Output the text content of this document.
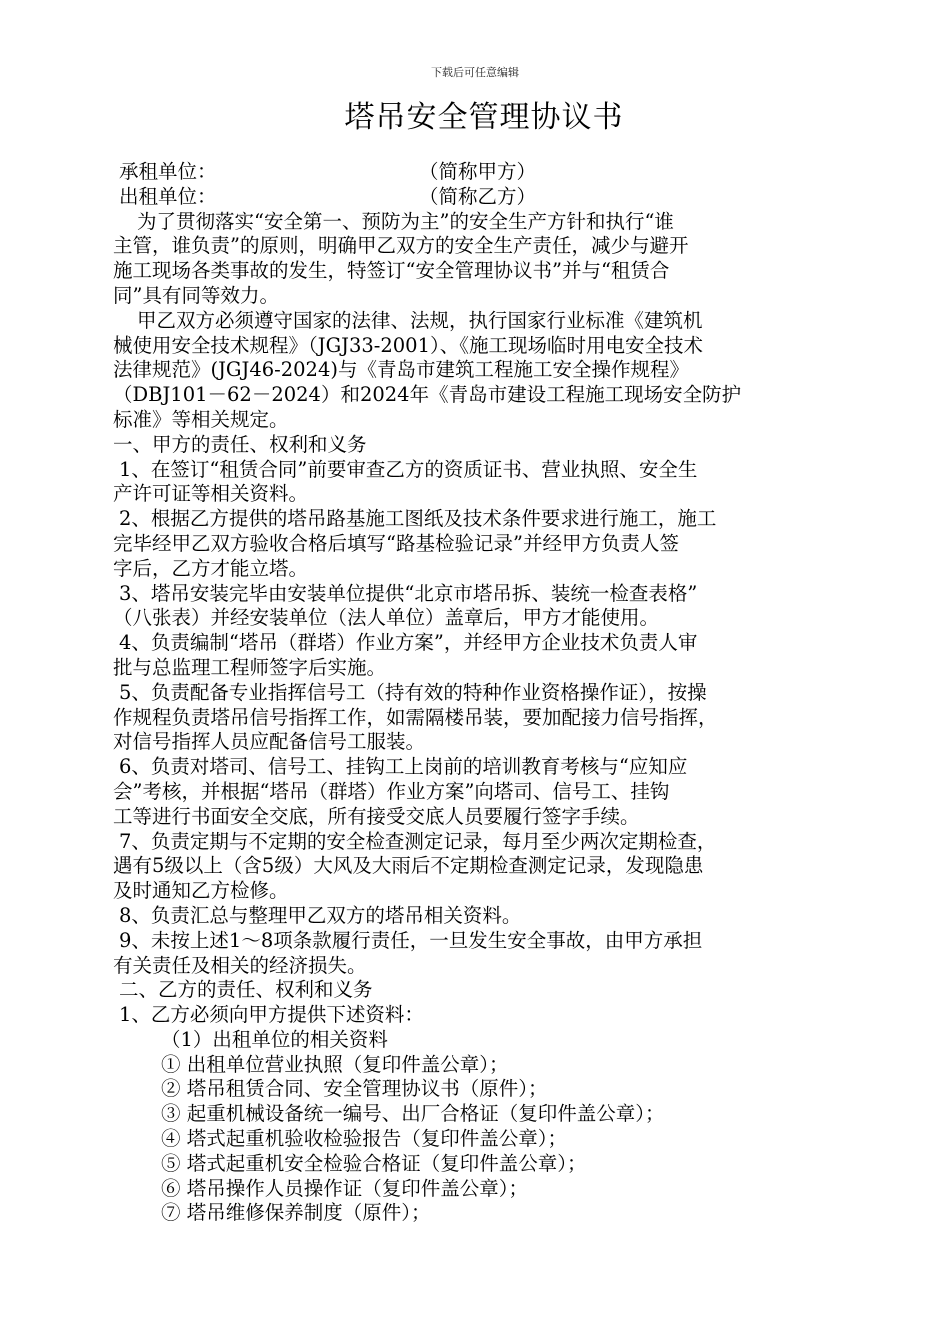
下载后可任意编辑
塔吊安全管理协议书
承租单位：	（简称甲方）
出租单位：	（简称乙方）
为了贯彻落实“安全第一、预防为主”的安全生产方针和执行“谁
主管，谁负责”的原则，明确甲乙双方的安全生产责任，减少与避开
施工现场各类事故的发生，特签订“安全管理协议书”并与“租赁合
同”具有同等效力。
甲乙双方必须遵守国家的法律、法规，执行国家行业标准《建筑机
械使用安全技术规程》（JGJ33-2001）、《施工现场临时用电安全技术
法律规范》(JGJ46-2024)与《青岛市建筑工程施工安全操作规程》
（DBJ101－62－2024）和2024年《青岛市建设工程施工现场安全防护
标准》等相关规定。
一、甲方的责任、权利和义务
1、在签订“租赁合同”前要审查乙方的资质证书、营业执照、安全生
产许可证等相关资料。
2、根据乙方提供的塔吊路基施工图纸及技术条件要求进行施工，施工
完毕经甲乙双方验收合格后填写“路基检验记录”并经甲方负责人签
字后，乙方才能立塔。
3、塔吊安装完毕由安装单位提供“北京市塔吊拆、装统一检查表格”
（八张表）并经安装单位（法人单位）盖章后，甲方才能使用。
4、负责编制“塔吊（群塔）作业方案”，并经甲方企业技术负责人审
批与总监理工程师签字后实施。
5、负责配备专业指挥信号工（持有效的特种作业资格操作证），按操
作规程负责塔吊信号指挥工作，如需隔楼吊装，要加配接力信号指挥，
对信号指挥人员应配备信号工服装。
6、负责对塔司、信号工、挂钩工上岗前的培训教育考核与“应知应
会”考核，并根据“塔吊（群塔）作业方案”向塔司、信号工、挂钩
工等进行书面安全交底，所有接受交底人员要履行签字手续。
7、负责定期与不定期的安全检查测定记录，每月至少两次定期检查，
遇有5级以上（含5级）大风及大雨后不定期检查测定记录，发现隐患
及时通知乙方检修。
8、负责汇总与整理甲乙双方的塔吊相关资料。
9、未按上述1～8项条款履行责任，一旦发生安全事故，由甲方承担
有关责任及相关的经济损失。
二、乙方的责任、权利和义务
1、乙方必须向甲方提供下述资料：
（1）出租单位的相关资料
① 出租单位营业执照（复印件盖公章）；
② 塔吊租赁合同、安全管理协议书（原件）；
③ 起重机械设备统一编号、出厂合格证（复印件盖公章）；
④ 塔式起重机验收检验报告（复印件盖公章）；
⑤ 塔式起重机安全检验合格证（复印件盖公章）；
⑥ 塔吊操作人员操作证（复印件盖公章）；
⑦ 塔吊维修保养制度（原件）；
